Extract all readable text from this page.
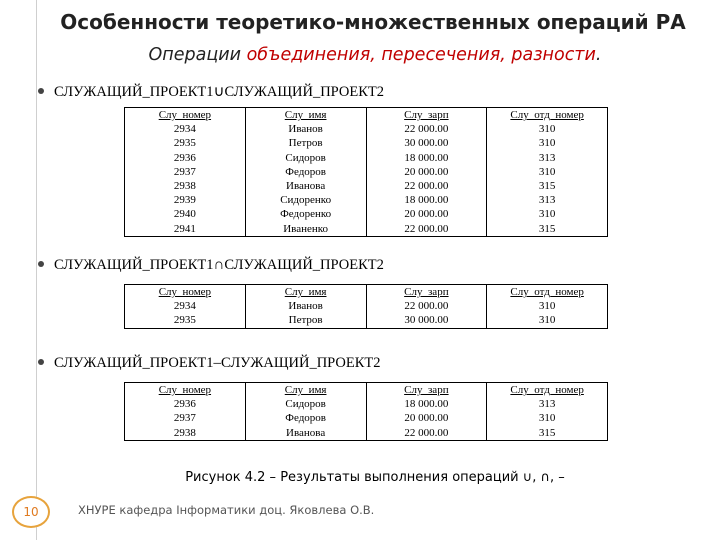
Особенности теоретико-множественных операций РА
Операции объединения, пересечения, разности.
СЛУЖАЩИЙ_ПРОЕКТ1∪СЛУЖАЩИЙ_ПРОЕКТ2
Слу_номер	Слу_имя	Слу_зарп	Слу_отд_номер
2934	Иванов	22 000.00	310
2935	Петров	30 000.00	310
2936	Сидоров	18 000.00	313
2937	Федоров	20 000.00	310
2938	Иванова	22 000.00	315
2939	Сидоренко	18 000.00	313
2940	Федоренко	20 000.00	310
2941	Иваненко	22 000.00	315
СЛУЖАЩИЙ_ПРОЕКТ1∩СЛУЖАЩИЙ_ПРОЕКТ2
Слу_номер	Слу_имя	Слу_зарп	Слу_отд_номер
2934	Иванов	22 000.00	310
2935	Петров	30 000.00	310
СЛУЖАЩИЙ_ПРОЕКТ1–СЛУЖАЩИЙ_ПРОЕКТ2
Слу_номер	Слу_имя	Слу_зарп	Слу_отд_номер
2936	Сидоров	18 000.00	313
2937	Федоров	20 000.00	310
2938	Иванова	22 000.00	315
Рисунок 4.2 – Результаты выполнения операций ∪, ∩, –
10	ХНУРЕ кафедра Інформатики доц. Яковлева О.В.
